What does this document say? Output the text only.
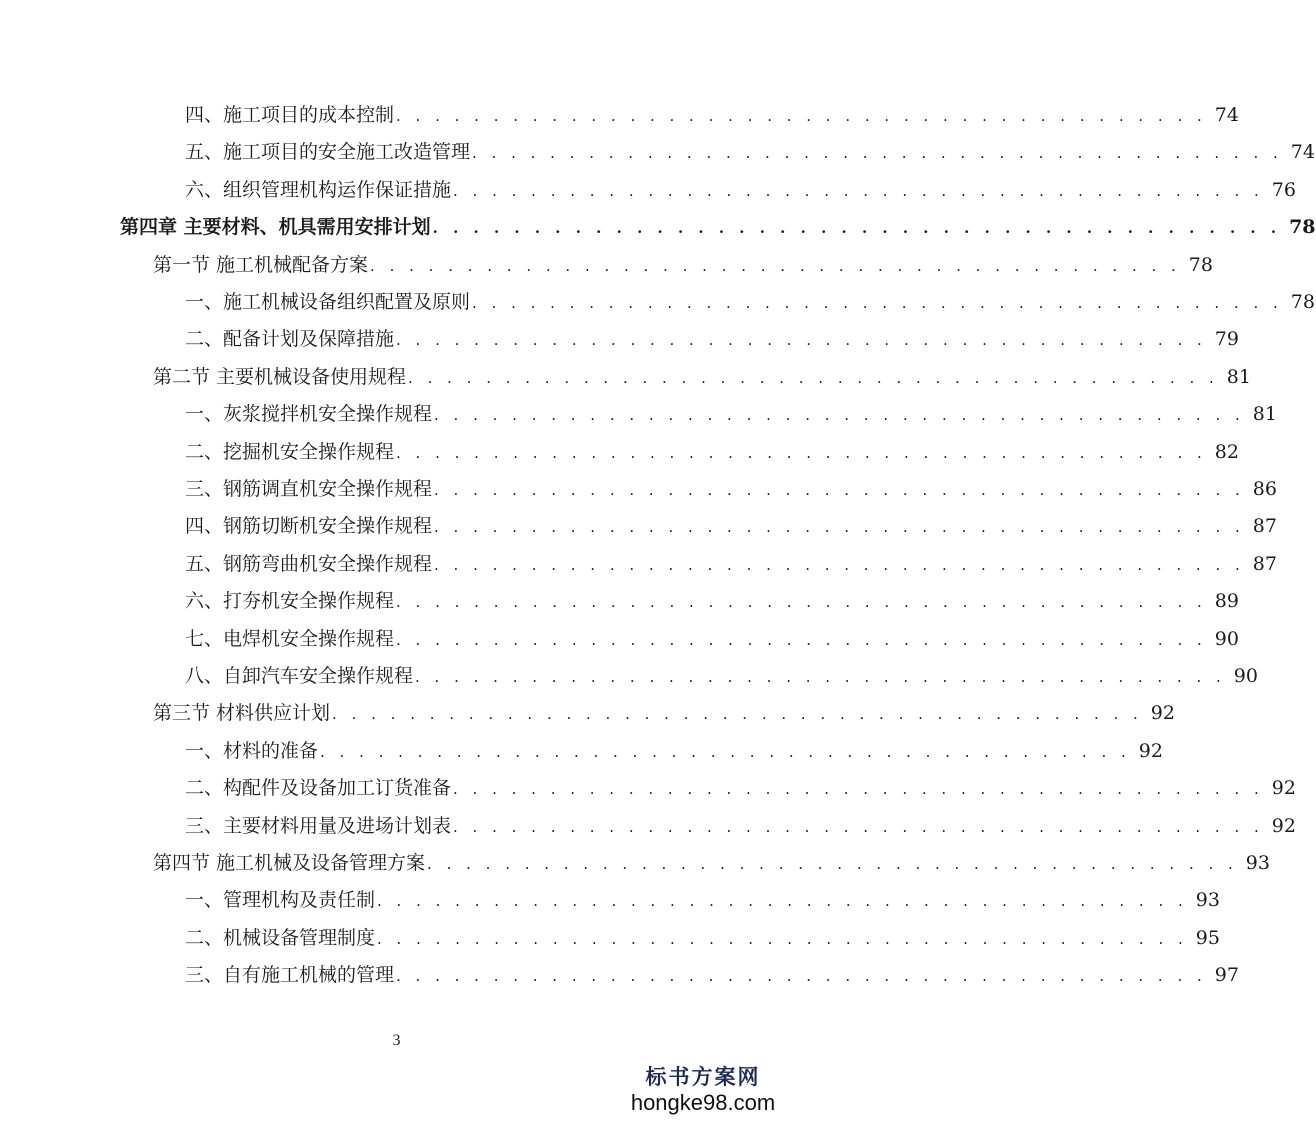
四、施工项目的成本控制 . . . . . . . . . . . . . . . . . . . . . . . . . . . . . . . . . . . . . . . . . . 74
五、施工项目的安全施工改造管理 . . . . . . . . . . . . . . . . . . . . . . . . . . . . . . . . . . . . . . . . . . 74
六、组织管理机构运作保证措施 . . . . . . . . . . . . . . . . . . . . . . . . . . . . . . . . . . . . . . . . . . 76
第四章 主要材料、机具需用安排计划 . . . . . . . . . . . . . . . . . . . . . . . . . . . . . . . . . . . . . . . . . . 78
第一节 施工机械配备方案 . . . . . . . . . . . . . . . . . . . . . . . . . . . . . . . . . . . . . . . . . . 78
一、施工机械设备组织配置及原则 . . . . . . . . . . . . . . . . . . . . . . . . . . . . . . . . . . . . . . . . . . 78
二、配备计划及保障措施 . . . . . . . . . . . . . . . . . . . . . . . . . . . . . . . . . . . . . . . . . . 79
第二节 主要机械设备使用规程 . . . . . . . . . . . . . . . . . . . . . . . . . . . . . . . . . . . . . . . . . . 81
一、灰浆搅拌机安全操作规程 . . . . . . . . . . . . . . . . . . . . . . . . . . . . . . . . . . . . . . . . . . 81
二、挖掘机安全操作规程 . . . . . . . . . . . . . . . . . . . . . . . . . . . . . . . . . . . . . . . . . . 82
三、钢筋调直机安全操作规程 . . . . . . . . . . . . . . . . . . . . . . . . . . . . . . . . . . . . . . . . . . 86
四、钢筋切断机安全操作规程 . . . . . . . . . . . . . . . . . . . . . . . . . . . . . . . . . . . . . . . . . . 87
五、钢筋弯曲机安全操作规程 . . . . . . . . . . . . . . . . . . . . . . . . . . . . . . . . . . . . . . . . . . 87
六、打夯机安全操作规程 . . . . . . . . . . . . . . . . . . . . . . . . . . . . . . . . . . . . . . . . . . 89
七、电焊机安全操作规程 . . . . . . . . . . . . . . . . . . . . . . . . . . . . . . . . . . . . . . . . . . 90
八、自卸汽车安全操作规程 . . . . . . . . . . . . . . . . . . . . . . . . . . . . . . . . . . . . . . . . . . 90
第三节 材料供应计划 . . . . . . . . . . . . . . . . . . . . . . . . . . . . . . . . . . . . . . . . . . 92
一、材料的准备 . . . . . . . . . . . . . . . . . . . . . . . . . . . . . . . . . . . . . . . . . . 92
二、构配件及设备加工订货准备 . . . . . . . . . . . . . . . . . . . . . . . . . . . . . . . . . . . . . . . . . . 92
三、主要材料用量及进场计划表 . . . . . . . . . . . . . . . . . . . . . . . . . . . . . . . . . . . . . . . . . . 92
第四节 施工机械及设备管理方案 . . . . . . . . . . . . . . . . . . . . . . . . . . . . . . . . . . . . . . . . . . 93
一、管理机构及责任制 . . . . . . . . . . . . . . . . . . . . . . . . . . . . . . . . . . . . . . . . . . 93
二、机械设备管理制度 . . . . . . . . . . . . . . . . . . . . . . . . . . . . . . . . . . . . . . . . . . 95
三、自有施工机械的管理 . . . . . . . . . . . . . . . . . . . . . . . . . . . . . . . . . . . . . . . . . . 97
3
标书方案网
hongke98.com
